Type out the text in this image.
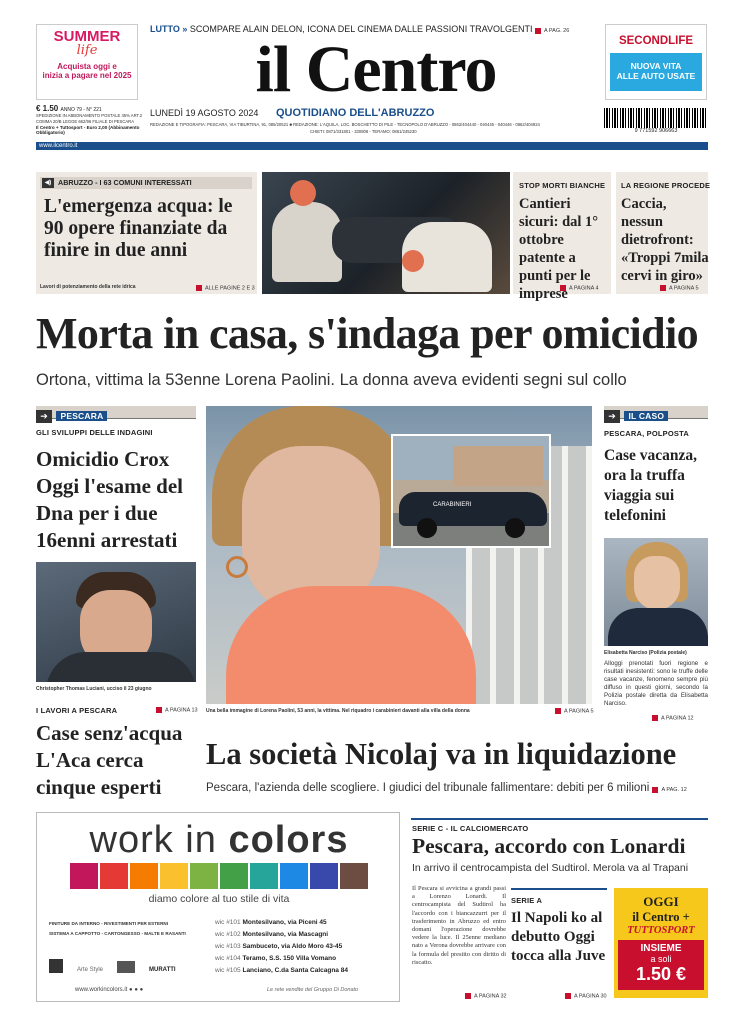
SUMMER
life
Acquista oggi e
inizia a pagare nel 2025
€ 1.50 ANNO 79 - N° 221
SPEDIZIONE IN ABBONAMENTO POSTALE 45% ART.2 COMMA 20/B LEGGE 662/96 FILIALE DI PESCARA
Il Centro + Tuttosport - Euro 2,00 (Abbinamento Obbligatorio)
LUTTO » SCOMPARE ALAIN DELON, ICONA DEL CINEMA DALLE PASSIONI TRAVOLGENTI A PAG. 26
il Centro
LUNEDÌ 19 AGOSTO 2024 QUOTIDIANO DELL'ABRUZZO
REDAZIONE E TIPOGRAFIA: PESCARA, VIA TIBURTINA, 91, 085/20521 ■ REDAZIONE: L'AQUILA, LOC. BOSCHETTO DI PILE - TECNOPOLO D'ABRUZZO - 0862/404440 - 040445 - 040446 - 0862/404924
CHIETI: 0871/331801 - 330808 - TERAMO: 0861/245230
SECONDLIFE
NUOVA VITA
ALLE AUTO USATE
9 771592 906663
www.ilcentro.it
◀) ABRUZZO - I 63 COMUNI INTERESSATI
L'emergenza acqua: le 90 opere finanziate da finire in due anni
Lavori di potenziamento della rete idrica	ALLE PAGINE 2 E 3
STOP MORTI BIANCHE
Cantieri sicuri: dal 1° ottobre patente a punti per le imprese A PAGINA 4
LA REGIONE PROCEDE
Caccia, nessun dietrofront: «Troppi 7mila cervi in giro»
A PAGINA 5
Morta in casa, s'indaga per omicidio
Ortona, vittima la 53enne Lorena Paolini. La donna aveva evidenti segni sul collo
➔ PESCARA
GLI SVILUPPI DELLE INDAGINI
Omicidio Crox Oggi l'esame del Dna per i due 16enni arrestati
Christopher Thomas Luciani, ucciso il 23 giugno
I LAVORI A PESCARA	A PAGINA 13
Case senz'acqua L'Aca cerca cinque esperti
CARABINIERI
Una bella immagine di Lorena Paolini, 53 anni, la vittima. Nel riquadro i carabinieri davanti alla villa della donna	A PAGINA 5
➔ IL CASO
PESCARA, POLPOSTA
Case vacanza, ora la truffa viaggia sui telefonini
Elisabetta Narciso (Polizia postale)
Alloggi prenotati fuori regione e risultati inesistenti: sono le truffe delle case vacanze, fenomeno sempre più diffuso in questi giorni, secondo la Polizia postale diretta da Elisabetta Narciso.
A PAGINA 12
La società Nicolaj va in liquidazione
Pescara, l'azienda delle scogliere. I giudici del tribunale fallimentare: debiti per 6 milioni A PAG. 12
work in colors
diamo colore al tuo stile di vita
FINITURE DA INTERNO - RIVESTIMENTI PER ESTERNI
SISTEMA A CAPPOTTO - CARTONGESSO - MALTE E RASANTI
wic #101 Montesilvano, via Piceni 45
wic #102 Montesilvano, via Mascagni
wic #103 Sambuceto, via Aldo Moro 43-45
wic #104 Teramo, S.S. 150 Villa Vomano
wic #105 Lanciano, C.da Santa Calcagna 84
Arte Style	MURATTI
www.workincolors.it ● ● ●	Le rete vendite del Gruppo Di Donato
SERIE C - IL CALCIOMERCATO
Pescara, accordo con Lonardi
In arrivo il centrocampista del Sudtirol. Merola va al Trapani
Il Pescara si avvicina a grandi passi a Lorenzo Lonardi. Il centrocampista del Sudtirol ha l'accordo con i biancazzurri per il trasferimento in Abruzzo ed entro domani l'operazione dovrebbe vedere la luce. Il 25enne mediano nato a Verona dovrebbe arrivare con la formula del prestito con diritto di riscatto.
A PAGINA 32
SERIE A
Il Napoli ko al debutto Oggi tocca alla Juve
A PAGINA 30
OGGI
il Centro +
TUTTOSPORT
INSIEME
a soli
1.50 €
